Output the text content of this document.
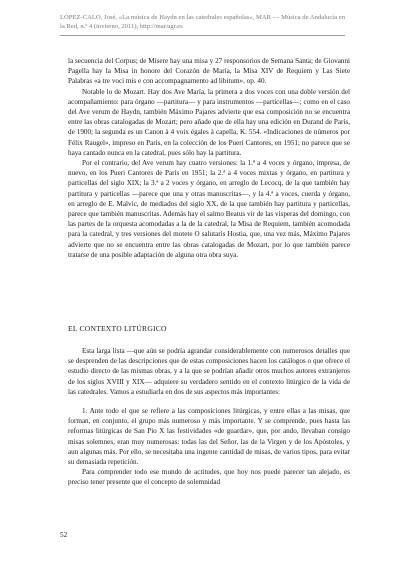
LÓPEZ-CALO, José, «La música de Haydn en las catedrales españolas», MAR — Música de Andalucía en la Red, n.º 4 (invierno, 2011), http://mar.ugr.es

la secuencia del Corpus; de Misere hay una misa y 27 responsorios de Semana Santa; de Giovanni Pagella hay la Misa in honore del Corazón de María, la Misa XIV de Requiem y Las Siete Palabras «a tre voci mis e con accompagnamento ad libitum», op. 40.

Notable lo de Mozart. Hay dos Ave María, la primera a dos voces con una doble versión del acompañamiento: para órgano —partitura— y para instrumentos —particellas—; como en el caso del Ave verum de Haydn, también Máximo Pajares advierte que esa composición no se encuentra entre las obras catalogadas de Mozart; pero añade que de ella hay una edición en Durand de París, de 1900; la segunda es un Canon à 4 voix égales à capella, K. 554. «Indicaciones de números por Félix Raugel», impreso en París, en la colección de los Pueri Cantores, en 1951; no parece que se haya cantado nunca en la catedral, pues sólo hay la partitura.

Por el contrario, del Ave verum hay cuatro versiones: la 1.ª a 4 voces y órgano, impresa, de nuevo, en los Pueri Cantores de París en 1951; la 2.ª a 4 voces mixtas y órgano, en partitura y particellas del siglo XIX; la 3.ª a 2 voces y órgano, en arreglo de Lecocq, de la que también hay partitura y particellas —parece que una y otras manuscritas—, y la 4.ª a voces, cuerda y órgano, en arreglo de E. Malvic, de mediados del siglo XX, de la que también hay partitura y particellas, parece que también manuscritas. Además hay el salmo Beatus vir de las vísperas del domingo, con las partes de la orquesta acomodadas a la de la catedral, la Misa de Requiem, también acomodada para la catedral, y tres versiones del motete O salutaris Hostia, que, una vez más, Máximo Pajares advierte que no se encuentra entre las obras catalogadas de Mozart, por lo que también parece tratarse de una posible adaptación de alguna otra obra suya.

EL CONTEXTO LITÚRGICO

Esta larga lista —que aún se podría agrandar considerablemente con numerosos detalles que se desprenden de las descripciones que de estas composiciones hacen los catálogos o que ofrece el estudio directo de las mismas obras, y a la que se podrían añadir otros muchos autores extranjeros de los siglos XVIII y XIX— adquiere su verdadero sentido en el contexto litúrgico de la vida de las catedrales. Vamos a estudiarla en dos de sus aspectos más importantes:

1. Ante todo el que se refiere a las composiciones litúrgicas, y entre ellas a las misas, que forman, en conjunto, el grupo más numeroso y más importante. Y se comprende, pues hasta las reformas litúrgicas de San Pío X las festividades «de guardar», que, por ando, llevaban consigo misas solemnes, eran muy numerosas: todas las del Señor, las de la Virgen y de los Apóstoles, y aun algunas más. Por ello, se necesitaba una ingente cantidad de misas, de varios tipos, para evitar su demasiada repetición.

Para comprender todo ese mundo de actitudes, que hoy nos puede parecer tan alejado, es preciso tener presente que el concepto de solemnidad

52
